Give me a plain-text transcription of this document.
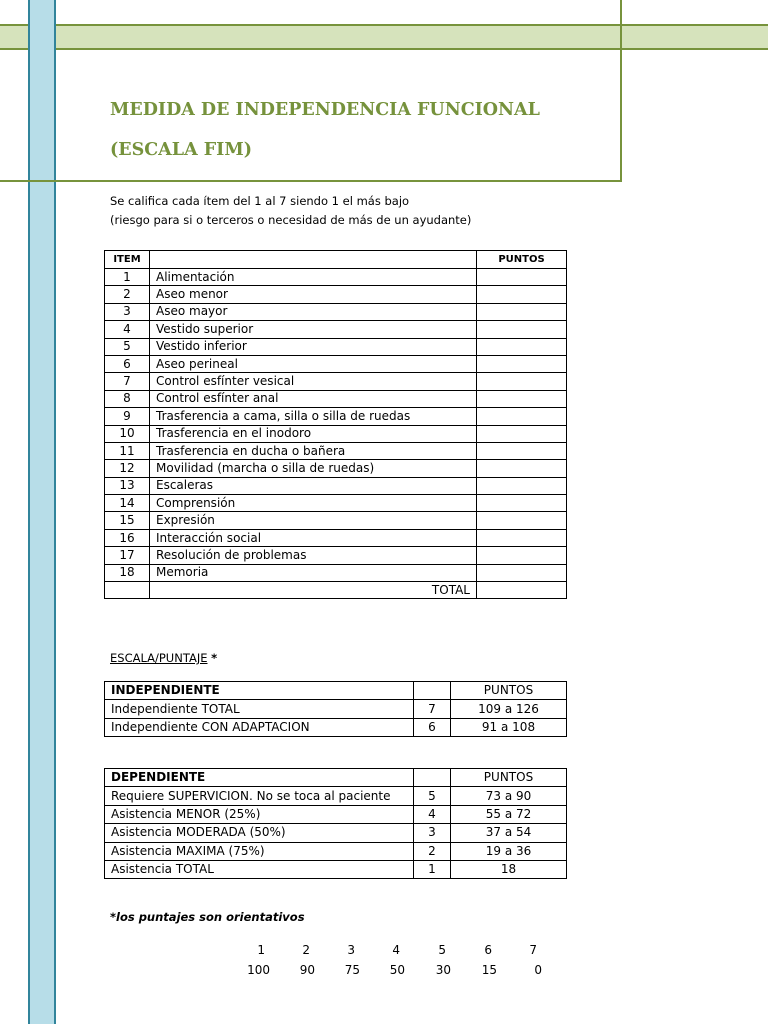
MEDIDA DE INDEPENDENCIA FUNCIONAL
(ESCALA FIM)
Se califica cada ítem del 1 al 7 siendo 1 el más bajo
(riesgo para si o terceros o necesidad de más de un ayudante)
ITEM		PUNTOS
1	Alimentación	
2	Aseo menor	
3	Aseo mayor	
4	Vestido superior	
5	Vestido inferior	
6	Aseo perineal	
7	Control esfínter vesical	
8	Control esfínter anal	
9	Trasferencia a cama, silla o silla de ruedas	
10	Trasferencia en el inodoro	
11	Trasferencia en ducha o bañera	
12	Movilidad (marcha o silla de ruedas)	
13	Escaleras	
14	Comprensión	
15	Expresión	
16	Interacción social	
17	Resolución de problemas	
18	Memoria	
	TOTAL	
ESCALA/PUNTAJE *
INDEPENDIENTE		PUNTOS
Independiente TOTAL	7	109 a 126
Independiente CON ADAPTACION	6	91 a 108
DEPENDIENTE		PUNTOS
Requiere SUPERVICION. No se toca al paciente	5	73 a 90
Asistencia MENOR (25%)	4	55 a 72
Asistencia MODERADA (50%)	3	37 a 54
Asistencia MAXIMA (75%)	2	19 a 36
Asistencia TOTAL	1	18
*los puntajes son orientativos
1	2	3	4	5	6	7
100	90	75	50	30	15	0
